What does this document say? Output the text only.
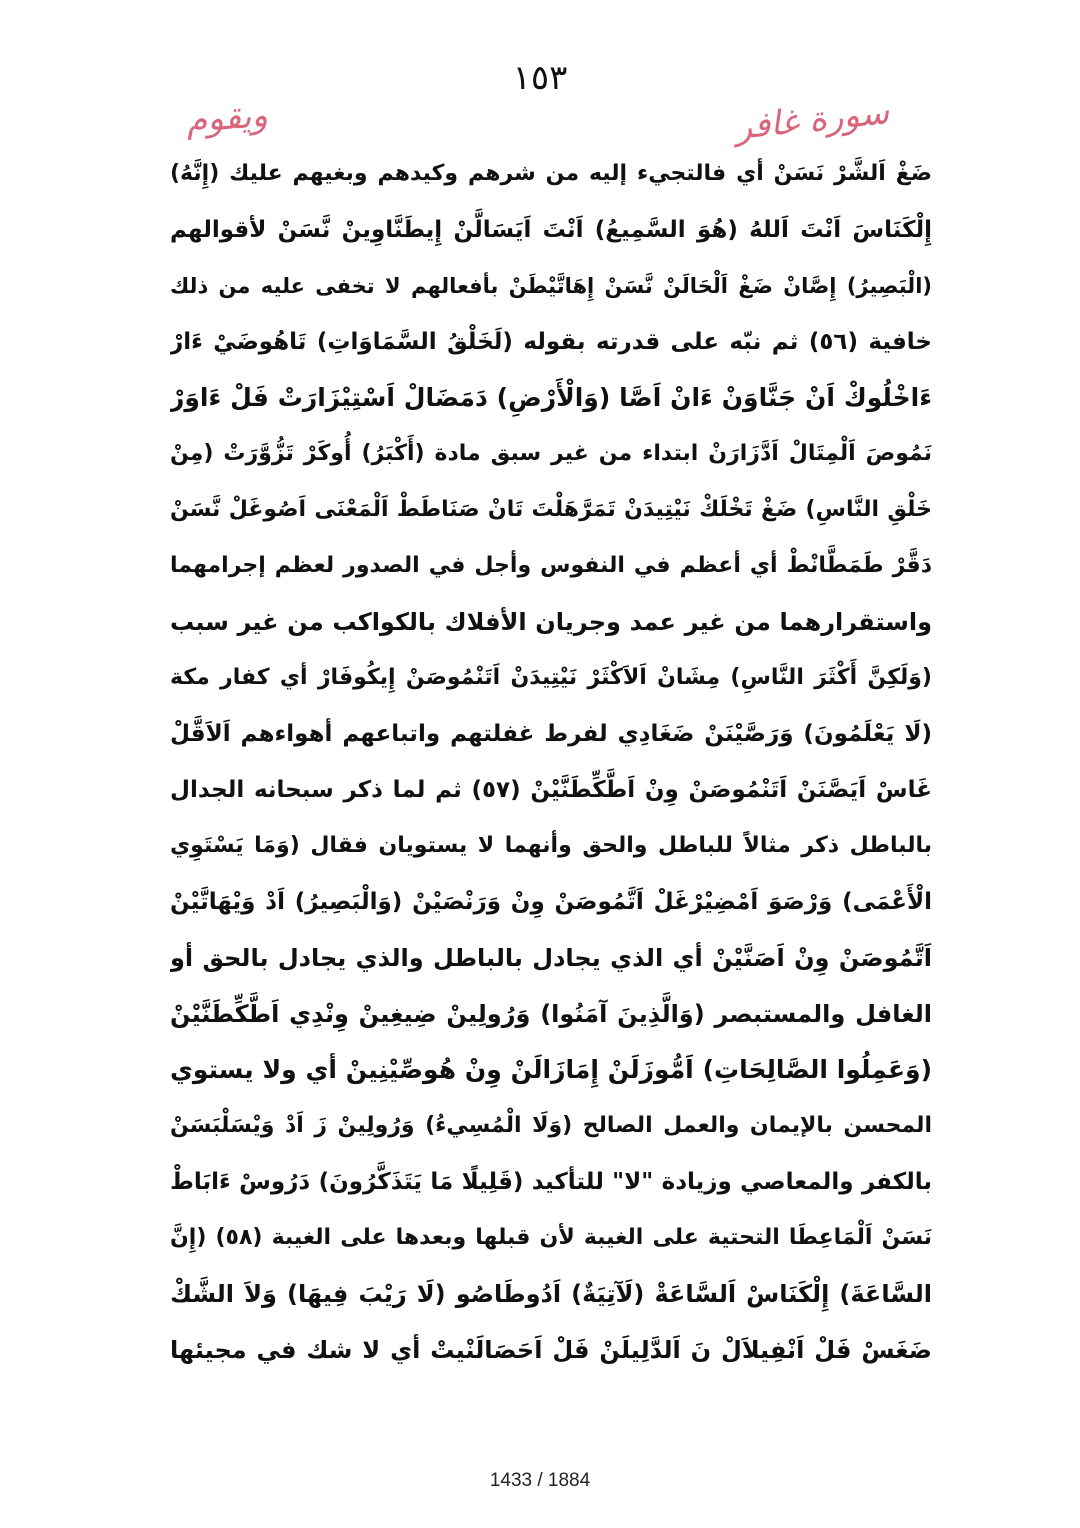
١٥٣
ويقوم	سورة غافر
ضَغْ اَلشَّرْ نَسَنْ أي فالتجيء إليه من شرهم وكيدهم وبغيهم عليك (إِنَّهُ)
إِلْكَنَاسَ اَنْتَ اَللهُ (هُوَ السَّمِيعُ) اَنْتَ اَيَسَالَّنْ إِيطَنَّاوِينْ نَّسَنْ لأقوالهم
(الْبَصِيرُ) إِصَّانْ ضَغْ اَلْحَالَنْ نَّسَنْ إِهَاتَّيْطَنْ بأفعالهم لا تخفى عليه من ذلك
خافية (٥٦) ثم نبّه على قدرته بقوله (لَخَلْقُ السَّمَاوَاتِ) تَاهُوضَيْ ءَارْ
ءَاخْلُوكْ اَنْ جَنَّاوَنْ ءَانْ اَصَّا (وَالْأَرْضِ) دَمَضَالْ اَسْتِيْزَارَتْ فَلْ ءَاوَرْ
نَمُوصَ اَلْمِتَالْ اَدَّزَارَنْ ابتداء من غير سبق مادة (أَكْبَرُ) أُوكَرْ تَزُّوَّرَتْ (مِنْ
خَلْقِ النَّاسِ) ضَغْ تَخْلَكْ نَيْتِيدَنْ تَمَرَّهَلْتَ تَانْ صَنَاطَطْ اَلْمَعْنَى اَصُوغَلْ نَّسَنْ
دَقَّرْ طَمَطَّانْطْ أي أعظم في النفوس وأجل في الصدور لعظم إجرامهما
واستقرارهما من غير عمد وجريان الأفلاك بالكواكب من غير سبب
(وَلَكِنَّ أَكْثَرَ النَّاسِ) مِشَانْ اَلاَكْثَرْ نَيْتِيدَنْ اَتَنْمُوصَنْ إِيكُوفَارْ أي كفار مكة
(لَا يَعْلَمُونَ) وَرَصَّيْنَنْ ضَغَادِي لفرط غفلتهم واتباعهم أهواءهم اَلاَقَّلْ
غَاسْ اَيَصَّنَنْ اَتَنْمُوصَنْ وِنْ اَطَّكِّطَنَّيْنْ (٥٧) ثم لما ذكر سبحانه الجدال
بالباطل ذكر مثالاً للباطل والحق وأنهما لا يستويان فقال (وَمَا يَسْتَوِي
الْأَعْمَى) وَرْصَوَ اَمْضِيْرْغَلْ اَتَّمُوصَنْ وِنْ وَرَنْصَيْنْ (وَالْبَصِيرُ) اَدْ وَيْهَاتَّيْنْ
اَتَّمُوصَنْ وِنْ اَصَنَّيْنْ أي الذي يجادل بالباطل والذي يجادل بالحق أو
الغافل والمستبصر (وَالَّذِينَ آمَنُوا) وَرُولِينْ ضِيغِينْ وِنْدِي اَطَّكِّطَنَّيْنْ
(وَعَمِلُوا الصَّالِحَاتِ) اَمُّوزَلَنْ إِمَازَالَنْ وِنْ هُوصِّيْنِينْ أي ولا يستوي
المحسن بالإيمان والعمل الصالح (وَلَا الْمُسِيءُ) وَرُولِينْ زَ اَدْ وَيْسَلْبَسَنْ
بالكفر والمعاصي وزيادة "لا" للتأكيد (قَلِيلًا مَا يَتَذَكَّرُونَ) دَرُوسْ ءَابَاطْ
نَسَنْ اَلْمَاعِطَا التحتية على الغيبة لأن قبلها وبعدها على الغيبة (٥٨) (إِنَّ
السَّاعَةَ) إِلْكَنَاسْ اَلسَّاعَةْ (لَآتِيَةٌ) اَدُوطَاصُو (لَا رَيْبَ فِيهَا) وَلاَ الشَّكْ
ضَغَسْ فَلْ اَنْفِيلاَلْ نَ اَلدَّلِيلَنْ فَلْ اَحَصَالَنْيتْ أي لا شك في مجيئها
1433 / 1884
